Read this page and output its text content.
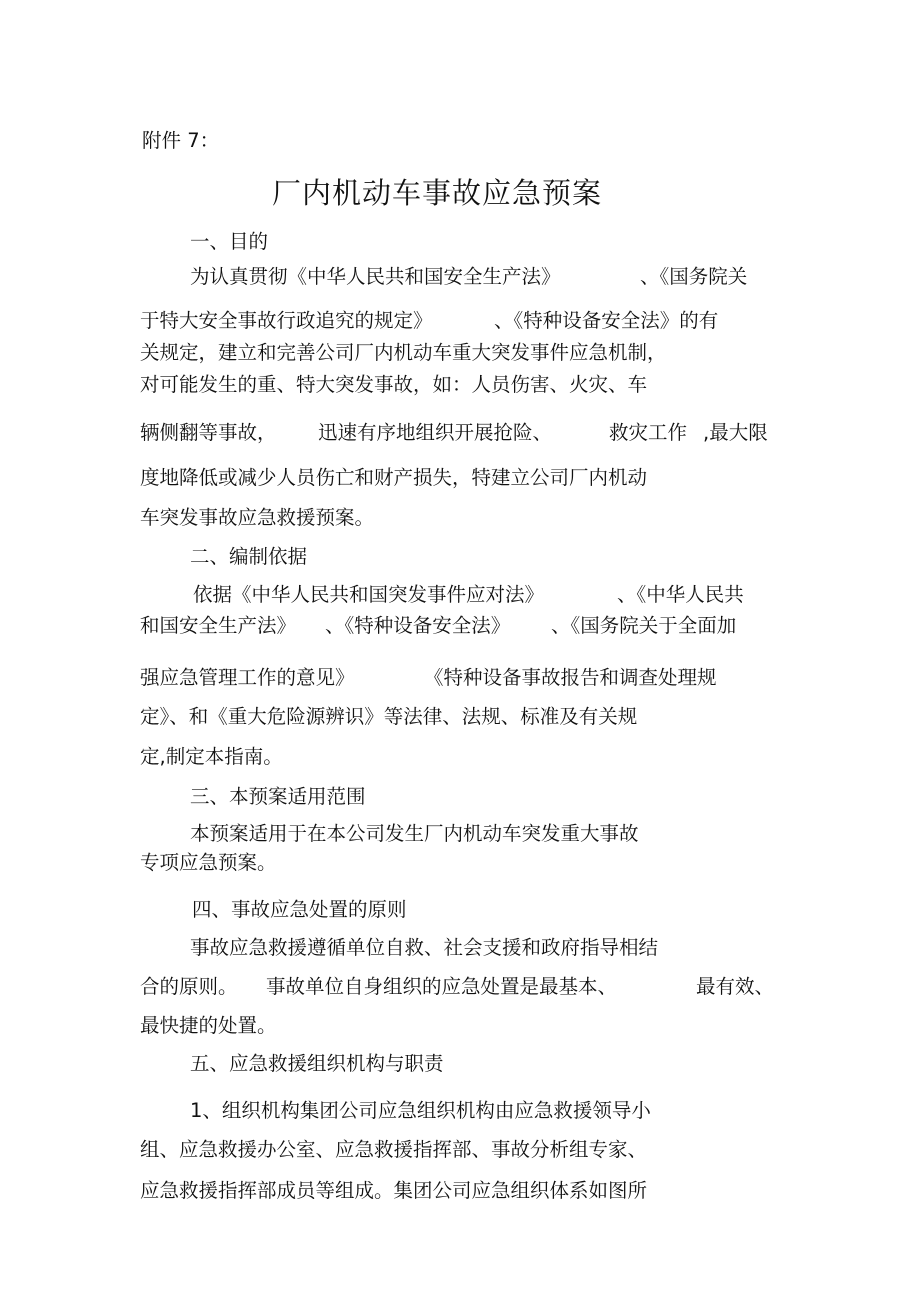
附件 7：
厂内机动车事故应急预案
一、目的
为认真贯彻《中华人民共和国安全生产法》	、《国务院关
于特大安全事故行政追究的规定》	、《特种设备安全法》的有
关规定，建立和完善公司厂内机动车重大突发事件应急机制，
对可能发生的重、特大突发事故，如：人员伤害、火灾、车
辆侧翻等事故， 迅速有序地组织开展抢险、	救灾工作 ,最大限
度地降低或减少人员伤亡和财产损失，特建立公司厂内机动
车突发事故应急救援预案。
二、编制依据
依据《中华人民共和国突发事件应对法》	、《中华人民共
和国安全生产法》 、《特种设备安全法》 、《国务院关于全面加
强应急管理工作的意见》	《特种设备事故报告和调查处理规
定》、和《重大危险源辨识》等法律、法规、标准及有关规
定,制定本指南。
三、本预案适用范围
本预案适用于在本公司发生厂内机动车突发重大事故
专项应急预案。
四、事故应急处置的原则
事故应急救援遵循单位自救、社会支援和政府指导相结
合的原则。 事故单位自身组织的应急处置是最基本、	最有效、
最快捷的处置。
五、应急救援组织机构与职责
1、组织机构集团公司应急组织机构由应急救援领导小
组、应急救援办公室、应急救援指挥部、事故分析组专家、
应急救援指挥部成员等组成。集团公司应急组织体系如图所
